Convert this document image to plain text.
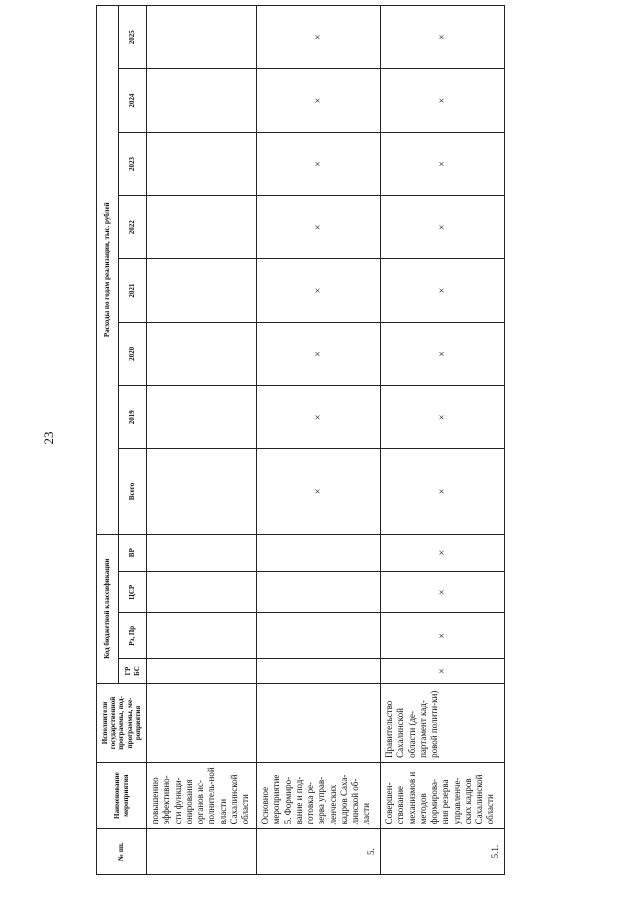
23
№ пп.	Наименование мероприятия	Исполнители государственной программы, под-программы, ме-роприятия	Код бюджетной классификации				Расходы по годам реализации, тыс. рублей							
			ГР БС	Рз, Пр	ЦСР	ВР	Всего	2019	2020	2021	2022	2023	2024	2025
	повышению эффективно-сти функци-онирования органов ис-полнитель-ной власти Сахалинской области													
5.	Основное мероприятие 5. Формиро-вание и под-готовка ре-зерва управ-ленческих кадров Саха-линской об-ласти						×	×	×	×	×	×	×	×
5.1.	Совершен-ствование механизмов и методов формирова-ния резерва управленче-ских кадров Сахалинской области	Правительство Сахалинской области (де-партамент кад-ровой полити-ки)	×	×	×	×	×	×	×	×	×	×	×	×
